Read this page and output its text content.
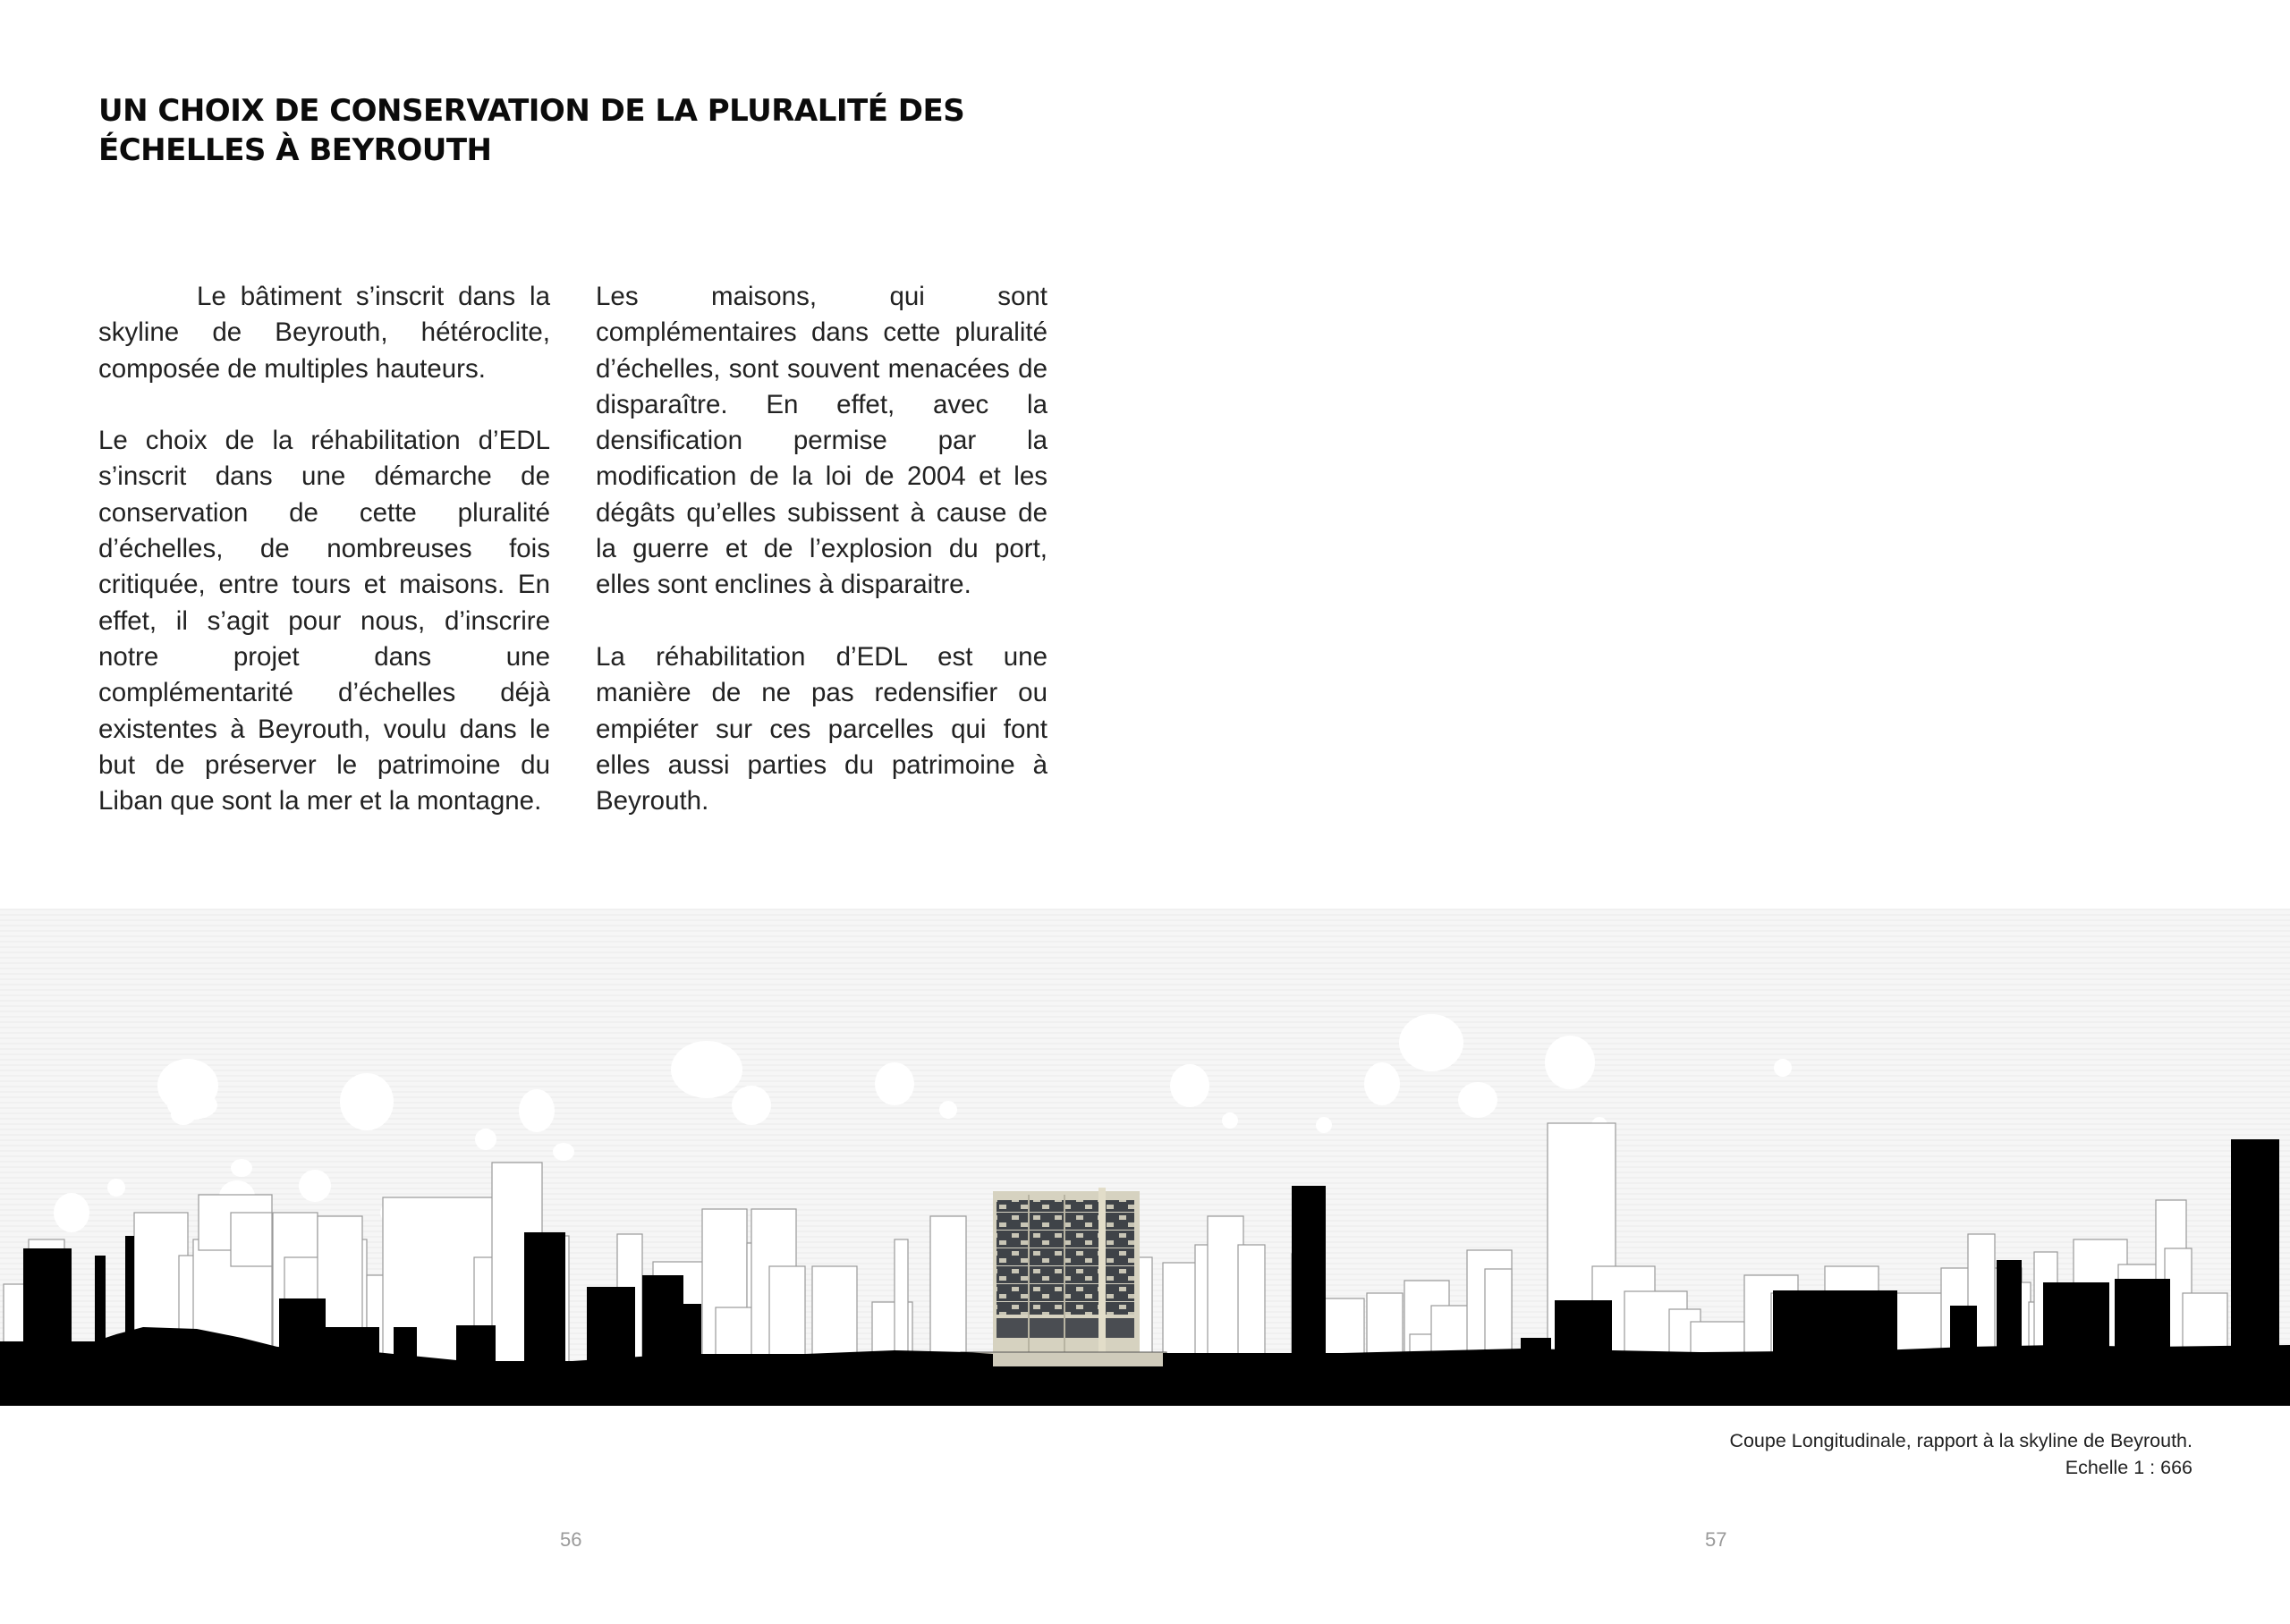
UN CHOIX DE CONSERVATION DE LA PLURALITÉ DES
ÉCHELLES À BEYROUTH

Le bâtiment s’inscrit dans la skyline de Beyrouth, hétéroclite, composée de multiples hauteurs.

Le choix de la réhabilitation d’EDL s’inscrit dans une démarche de conservation de cette pluralité d’échelles, de nombreuses fois critiquée, entre tours et maisons. En effet, il s’agit pour nous, d’inscrire notre projet dans une complémentarité d’échelles déjà existentes à Beyrouth, voulu dans le but de préserver le patrimoine du Liban que sont la mer et la montagne.

Les maisons, qui sont complémentaires dans cette pluralité d’échelles, sont souvent menacées de disparaître. En effet, avec la densification permise par la modification de la loi de 2004 et les dégâts qu’elles subissent à cause de la guerre et de l’explosion du port, elles sont enclines à disparaitre.

La réhabilitation d’EDL est une manière de ne pas redensifier ou empiéter sur ces parcelles qui font elles aussi parties du patrimoine à Beyrouth.

Coupe Longitudinale, rapport à la skyline de Beyrouth.
Echelle 1 : 666
56	57
